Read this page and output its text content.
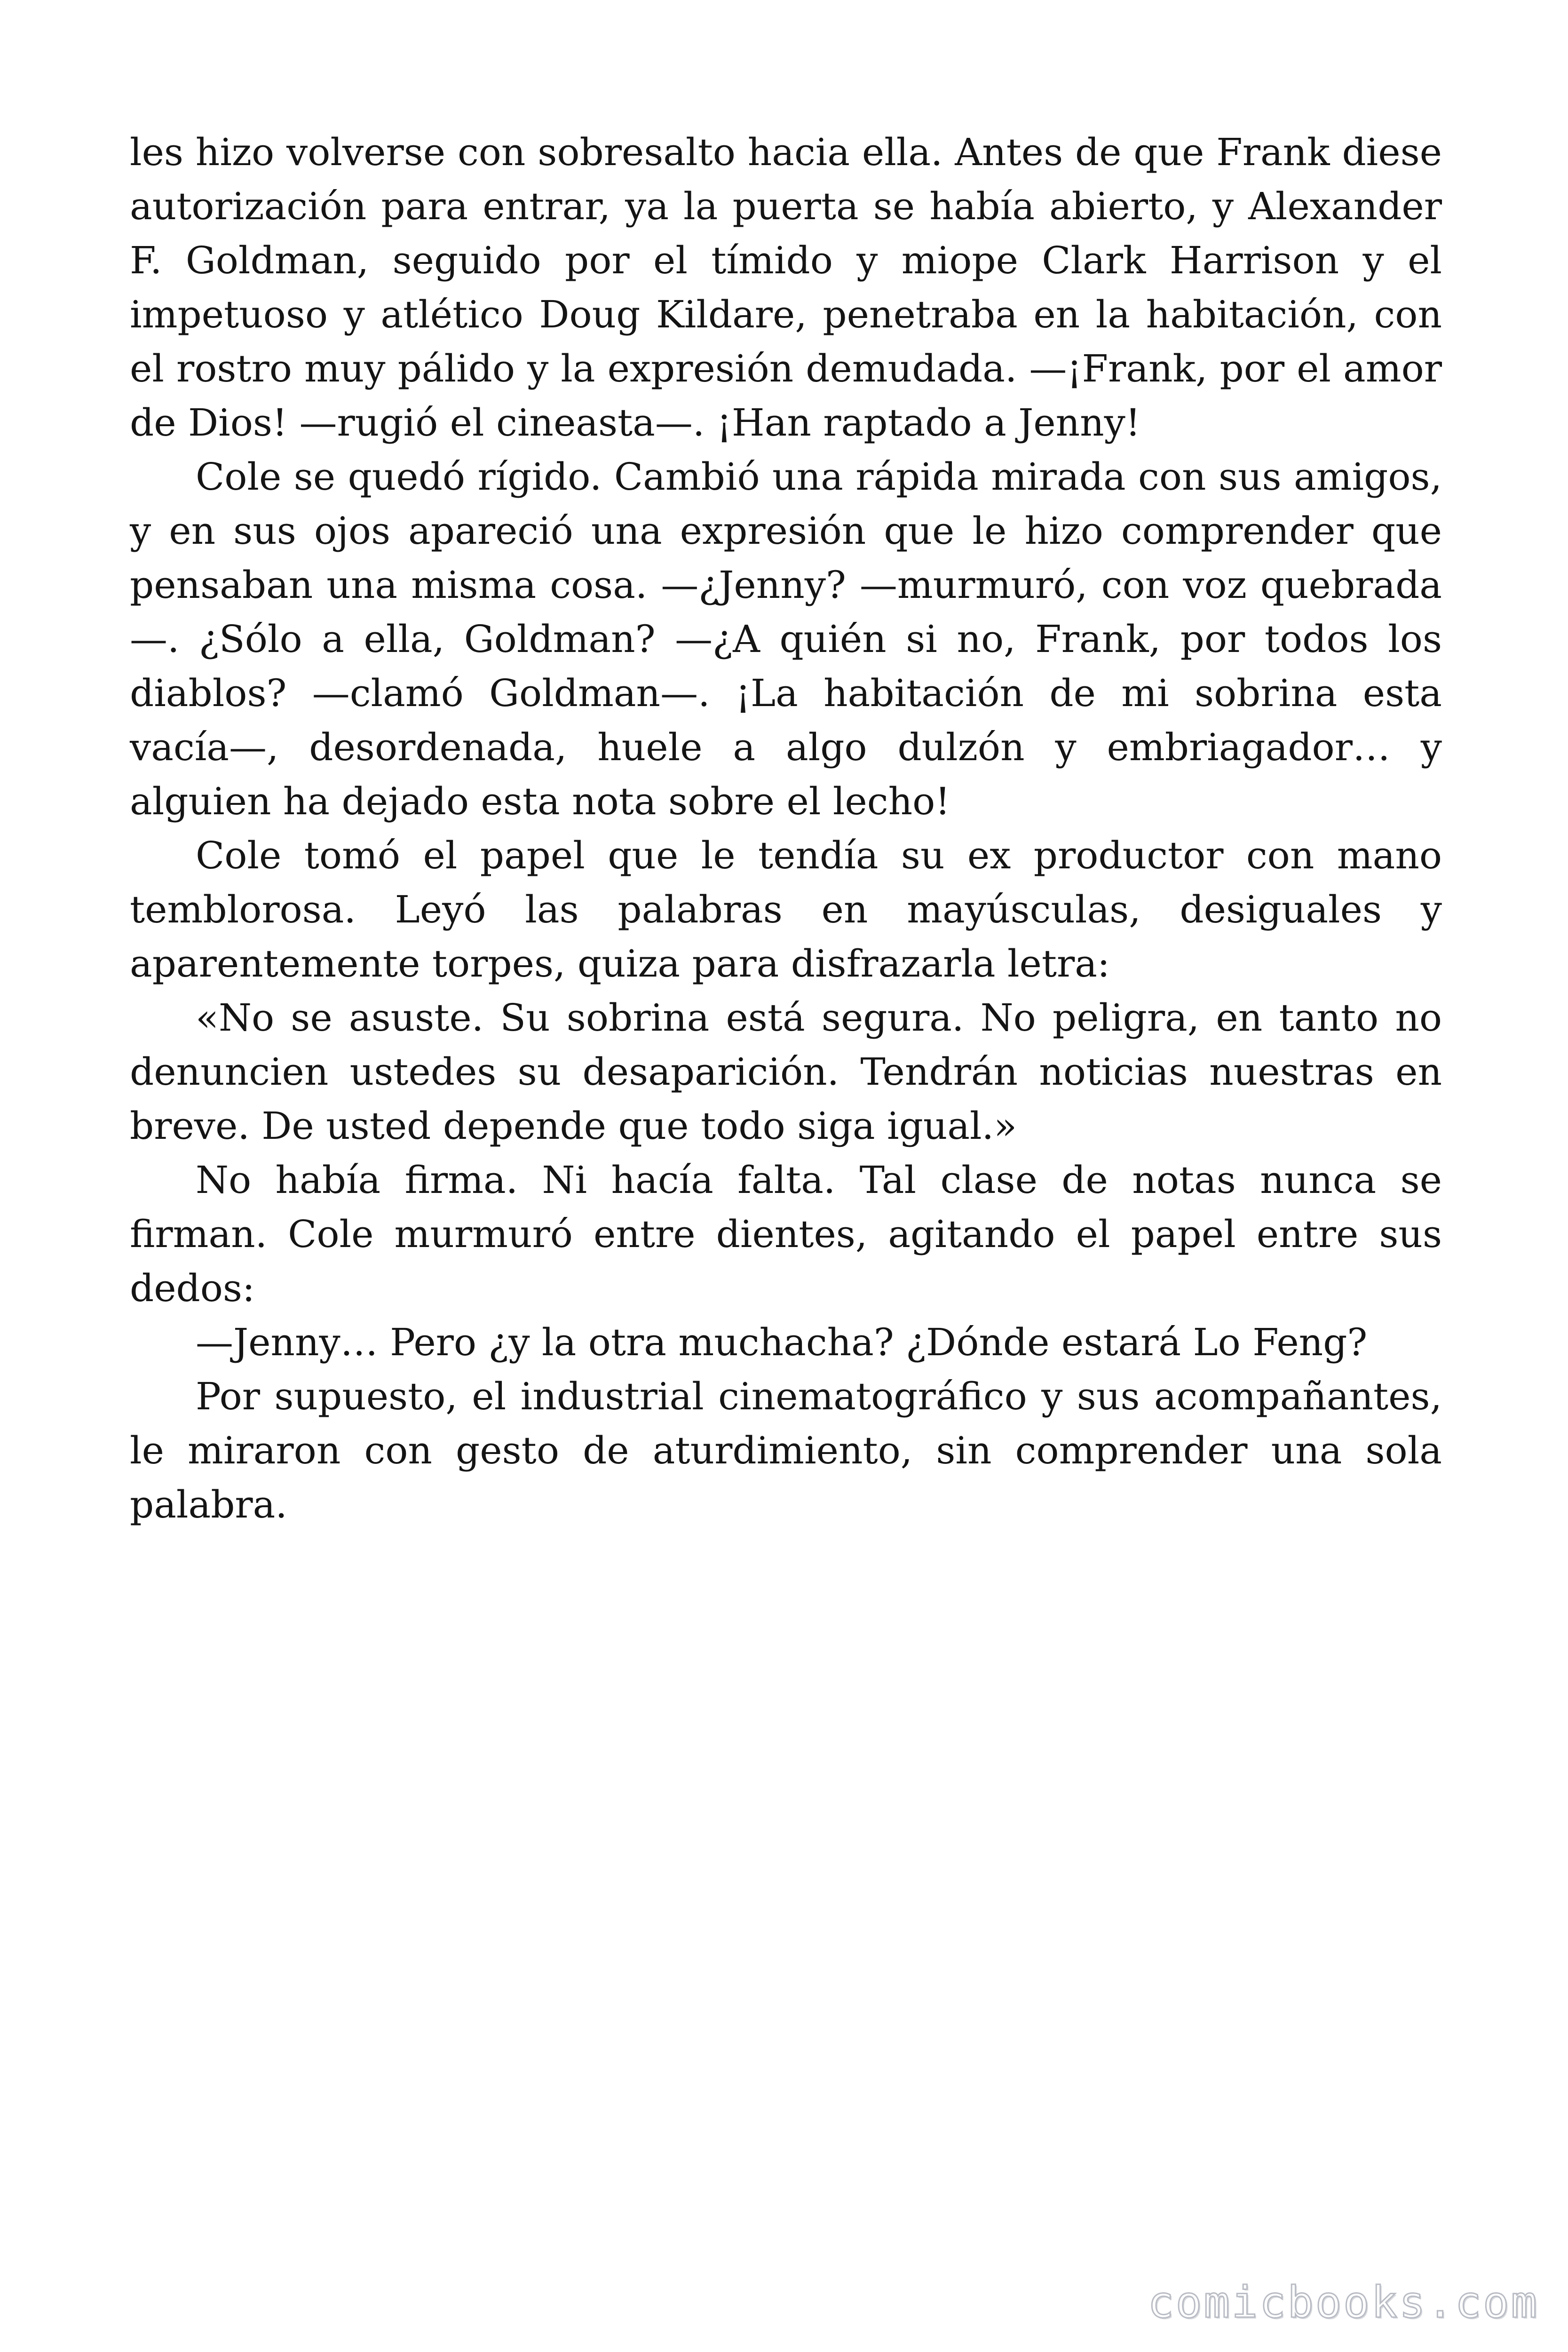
les hizo volverse con sobresalto hacia ella. Antes de que Frank diese autorización para entrar, ya la puerta se había abierto, y Alexander F. Goldman, seguido por el tímido y miope Clark Harrison y el impetuoso y atlético Doug Kildare, penetraba en la habitación, con el rostro muy pálido y la expresión demudada. —¡Frank, por el amor de Dios! —rugió el cineasta—. ¡Han raptado a Jenny!

Cole se quedó rígido. Cambió una rápida mirada con sus amigos, y en sus ojos apareció una expresión que le hizo comprender que pensaban una misma cosa. —¿Jenny? —murmuró, con voz quebrada—. ¿Sólo a ella, Goldman? —¿A quién si no, Frank, por todos los diablos? —clamó Goldman—. ¡La habitación de mi sobrina esta vacía—, desordenada, huele a algo dulzón y embriagador… y alguien ha dejado esta nota sobre el lecho!

Cole tomó el papel que le tendía su ex productor con mano temblorosa. Leyó las palabras en mayúsculas, desiguales y aparentemente torpes, quiza para disfrazarla letra:

«No se asuste. Su sobrina está segura. No peligra, en tanto no denuncien ustedes su desaparición. Tendrán noticias nuestras en breve. De usted depende que todo siga igual.»

No había firma. Ni hacía falta. Tal clase de notas nunca se firman. Cole murmuró entre dientes, agitando el papel entre sus dedos:

—Jenny… Pero ¿y la otra muchacha? ¿Dónde estará Lo Feng?

Por supuesto, el industrial cinematográfico y sus acompañantes, le miraron con gesto de aturdimiento, sin comprender una sola palabra.

comicbooks.com
